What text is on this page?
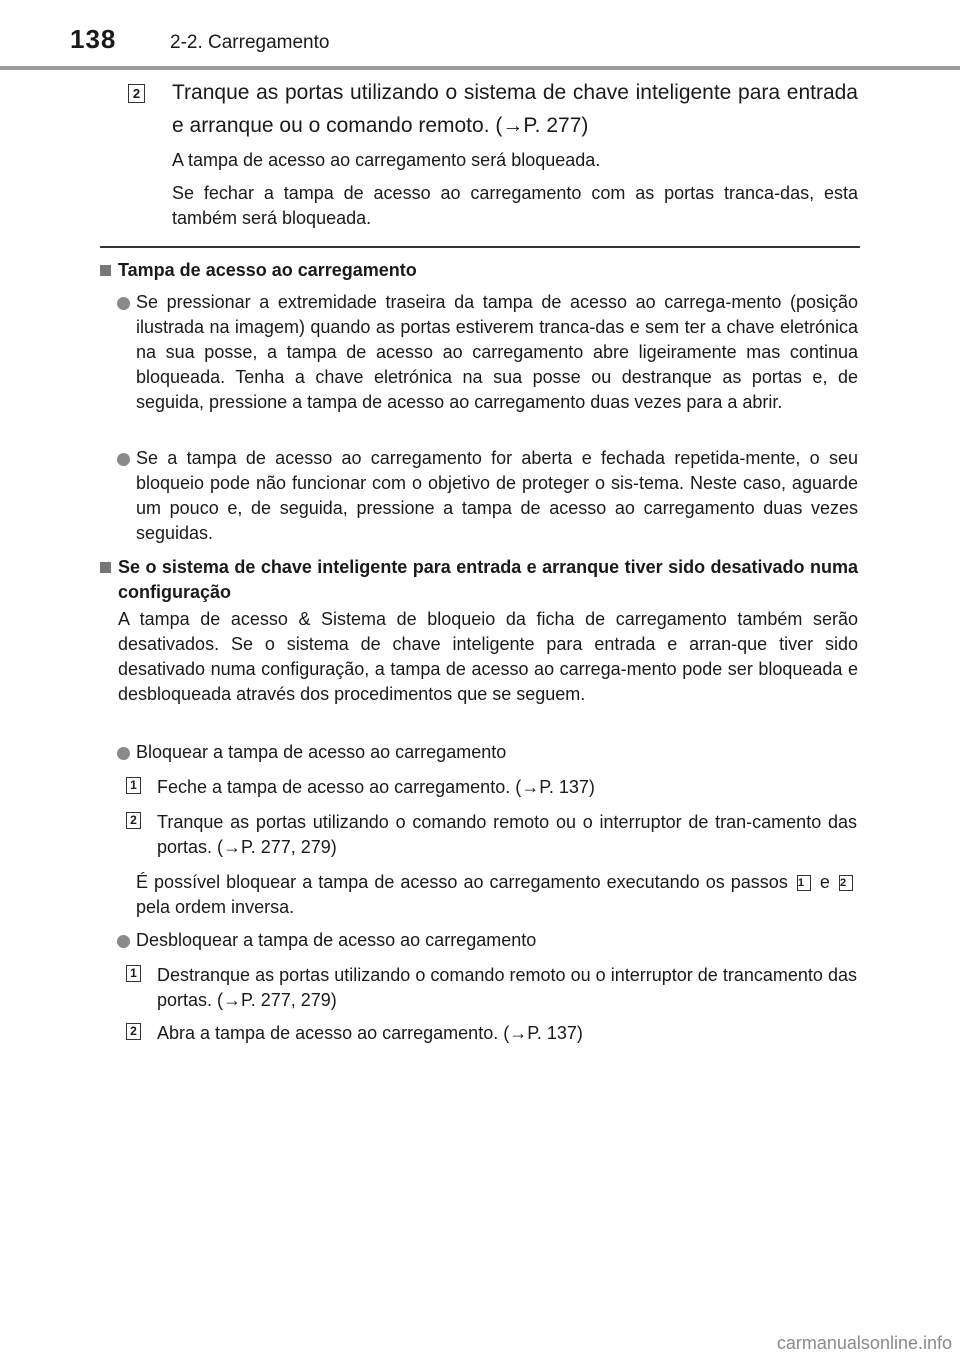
138	2-2. Carregamento
2 Tranque as portas utilizando o sistema de chave inteligente para entrada e arranque ou o comando remoto. (→P. 277)
A tampa de acesso ao carregamento será bloqueada.
Se fechar a tampa de acesso ao carregamento com as portas tranca-das, esta também será bloqueada.
Tampa de acesso ao carregamento
Se pressionar a extremidade traseira da tampa de acesso ao carrega-mento (posição ilustrada na imagem) quando as portas estiverem tranca-das e sem ter a chave eletrónica na sua posse, a tampa de acesso ao carregamento abre ligeiramente mas continua bloqueada. Tenha a chave eletrónica na sua posse ou destranque as portas e, de seguida, pressione a tampa de acesso ao carregamento duas vezes para a abrir.
Se a tampa de acesso ao carregamento for aberta e fechada repetida-mente, o seu bloqueio pode não funcionar com o objetivo de proteger o sis-tema. Neste caso, aguarde um pouco e, de seguida, pressione a tampa de acesso ao carregamento duas vezes seguidas.
Se o sistema de chave inteligente para entrada e arranque tiver sido desativado numa configuração
A tampa de acesso & Sistema de bloqueio da ficha de carregamento também serão desativados. Se o sistema de chave inteligente para entrada e arran-que tiver sido desativado numa configuração, a tampa de acesso ao carrega-mento pode ser bloqueada e desbloqueada através dos procedimentos que se seguem.
Bloquear a tampa de acesso ao carregamento
1 Feche a tampa de acesso ao carregamento. (→P. 137)
2 Tranque as portas utilizando o comando remoto ou o interruptor de tran-camento das portas. (→P. 277, 279)
É possível bloquear a tampa de acesso ao carregamento executando os passos 1 e 2 pela ordem inversa.
Desbloquear a tampa de acesso ao carregamento
1 Destranque as portas utilizando o comando remoto ou o interruptor de trancamento das portas. (→P. 277, 279)
2 Abra a tampa de acesso ao carregamento. (→P. 137)
carmanualsonline.info
